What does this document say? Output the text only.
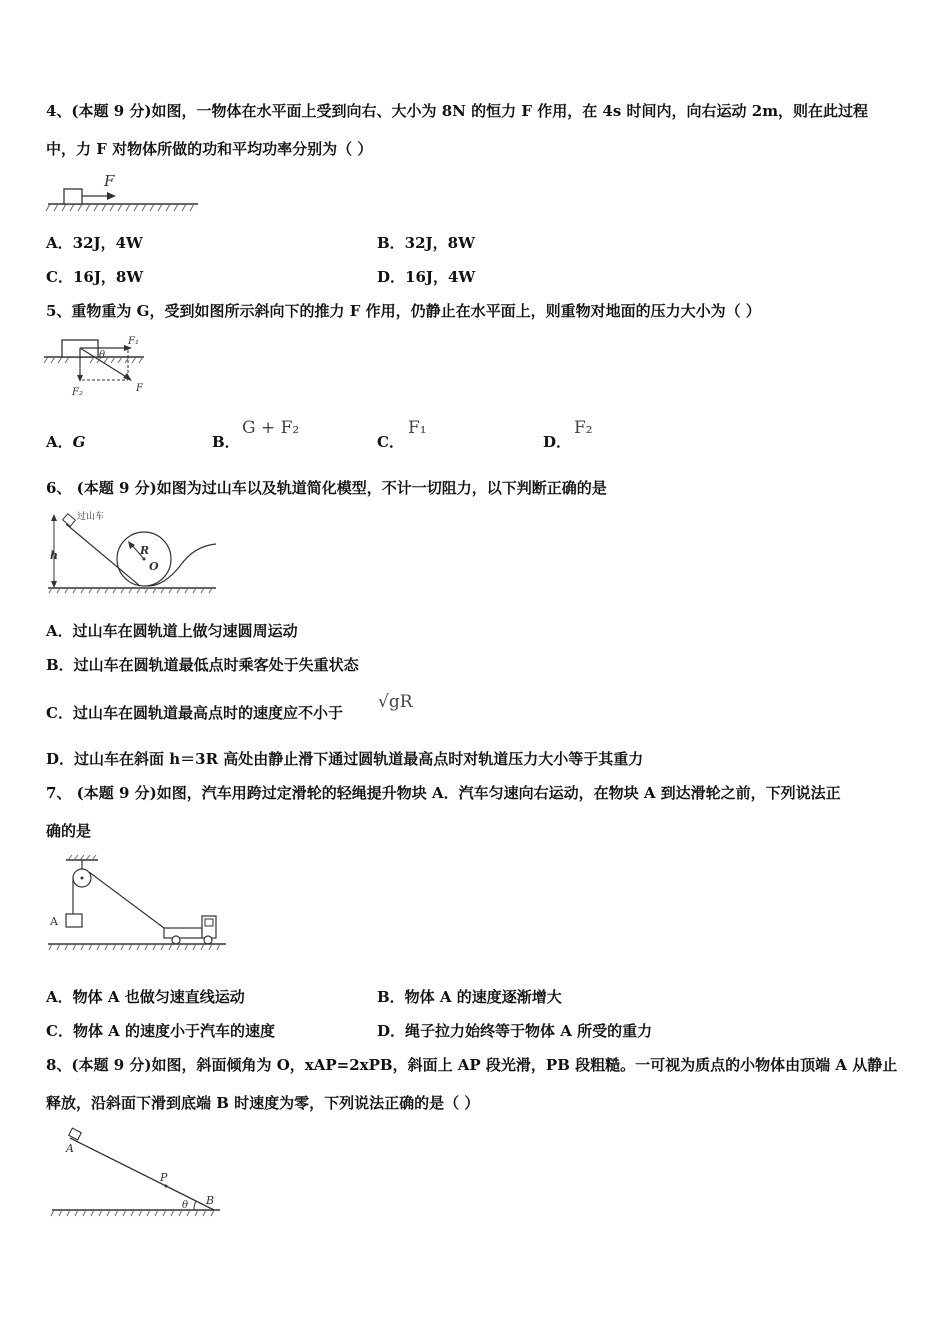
4、(本题 9 分)如图，一物体在水平面上受到向右、大小为 8N 的恒力 F 作用，在 4s 时间内，向右运动 2m，则在此过程
中，力 F 对物体所做的功和平均功率分别为（ ）
F
A．32J，4W	B．32J，8W
C．16J，8W	D．16J，4W
5、重物重为 G，受到如图所示斜向下的推力 F 作用，仍静止在水平面上，则重物对地面的压力大小为（ ）
F₁
θ
F₂	F
A．G	B．
G + F₂
C．
F₁
D．
F₂
6、 (本题 9 分)如图为过山车以及轨道简化模型，不计一切阻力，以下判断正确的是
过山车
h	R
O
A．过山车在圆轨道上做匀速圆周运动
B．过山车在圆轨道最低点时乘客处于失重状态
C．过山车在圆轨道最高点时的速度应不小于
√gR
D．过山车在斜面 h＝3R 高处由静止滑下通过圆轨道最高点时对轨道压力大小等于其重力
7、 (本题 9 分)如图，汽车用跨过定滑轮的轻绳提升物块 A．汽车匀速向右运动，在物块 A 到达滑轮之前，下列说法正
确的是
A
A．物体 A 也做匀速直线运动	B．物体 A 的速度逐渐增大
C．物体 A 的速度小于汽车的速度	D．绳子拉力始终等于物体 A 所受的重力
8、(本题 9 分)如图，斜面倾角为 O，xAP=2xPB，斜面上 AP 段光滑，PB 段粗糙。一可视为质点的小物体由顶端 A 从静止
释放，沿斜面下滑到底端 B 时速度为零，下列说法正确的是（ ）
A
P
θ B
